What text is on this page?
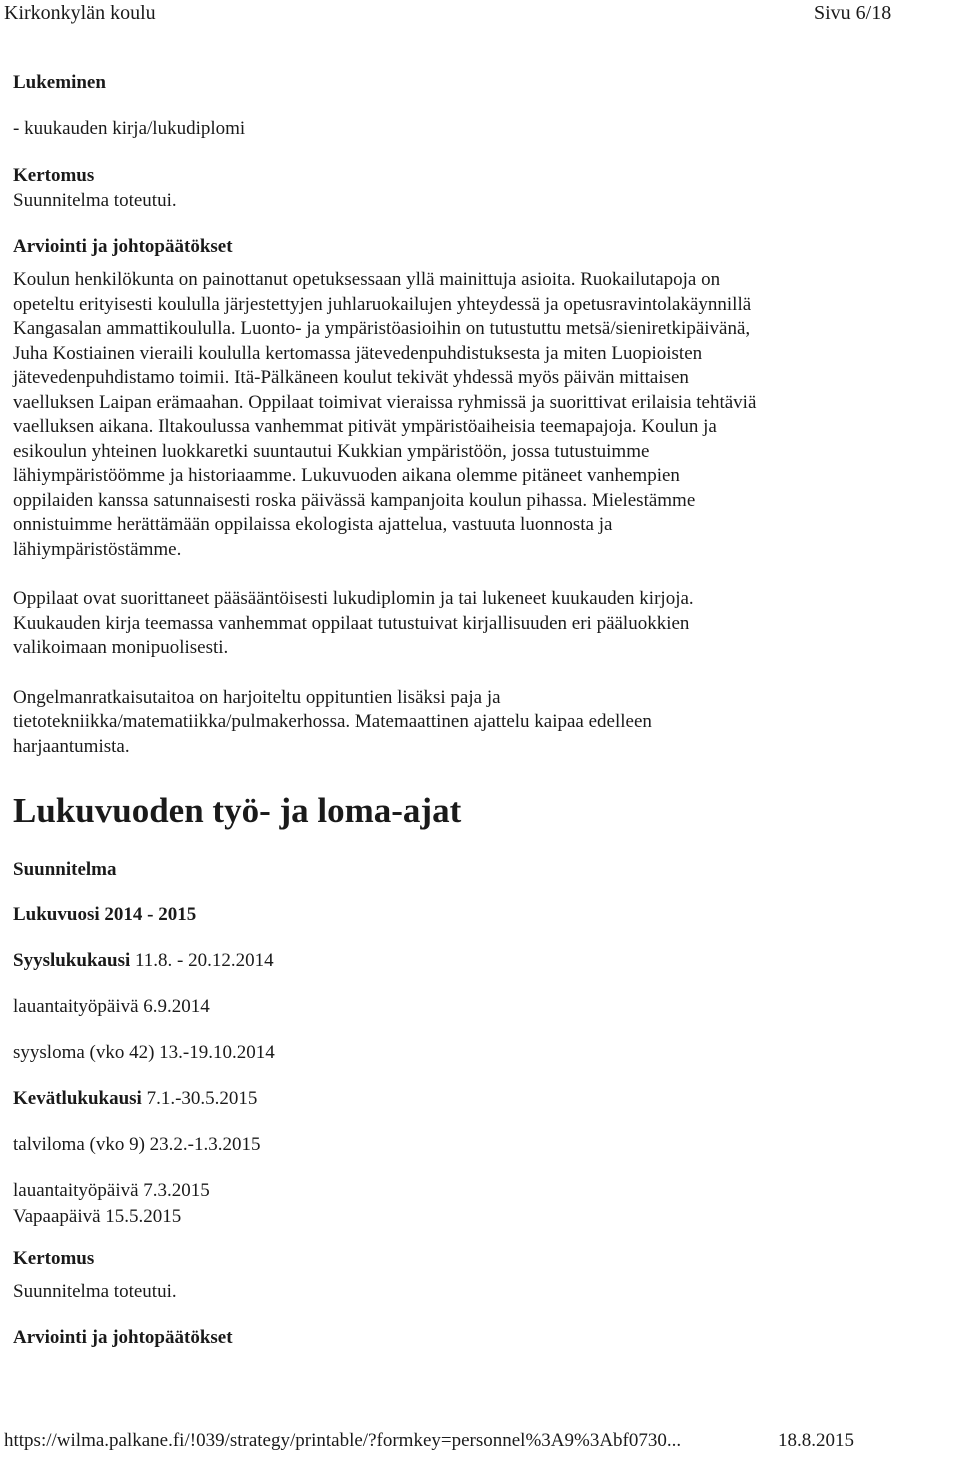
Kirkonkylän koulu	Sivu 6/18

Lukeminen

- kuukauden kirja/lukudiplomi

Kertomus

Suunnitelma toteutui.

Arviointi ja johtopäätökset

Koulun henkilökunta on painottanut opetuksessaan yllä mainittuja asioita. Ruokailutapoja on

opeteltu erityisesti koululla järjestettyjen juhlaruokailujen yhteydessä ja opetusravintolakäynnillä

Kangasalan ammattikoululla. Luonto- ja ympäristöasioihin on tutustuttu metsä/sieniretkipäivänä,

Juha Kostiainen vieraili koululla kertomassa jätevedenpuhdistuksesta ja miten Luopioisten

jätevedenpuhdistamo toimii. Itä-Pälkäneen koulut tekivät yhdessä myös päivän mittaisen

vaelluksen Laipan erämaahan. Oppilaat toimivat vieraissa ryhmissä ja suorittivat erilaisia tehtäviä

vaelluksen aikana. Iltakoulussa vanhemmat pitivät ympäristöaiheisia teemapajoja. Koulun ja

esikoulun yhteinen luokkaretki suuntautui Kukkian ympäristöön, jossa tutustuimme

lähiympäristöömme ja historiaamme. Lukuvuoden aikana olemme pitäneet vanhempien

oppilaiden kanssa satunnaisesti roska päivässä kampanjoita koulun pihassa. Mielestämme

onnistuimme herättämään oppilaissa ekologista ajattelua, vastuuta luonnosta ja

lähiympäristöstämme.

Oppilaat ovat suorittaneet pääsääntöisesti lukudiplomin ja tai lukeneet kuukauden kirjoja.

Kuukauden kirja teemassa vanhemmat oppilaat tutustuivat kirjallisuuden eri pääluokkien

valikoimaan monipuolisesti.

Ongelmanratkaisutaitoa on harjoiteltu oppituntien lisäksi paja ja

tietotekniikka/matematiikka/pulmakerhossa. Matemaattinen ajattelu kaipaa edelleen

harjaantumista.

Lukuvuoden työ- ja loma-ajat

Suunnitelma

Lukuvuosi 2014 - 2015

Syyslukukausi 11.8. - 20.12.2014

lauantaityöpäivä 6.9.2014

syysloma (vko 42) 13.-19.10.2014

Kevätlukukausi 7.1.-30.5.2015

talviloma (vko 9) 23.2.-1.3.2015

lauantaityöpäivä 7.3.2015

Vapaapäivä 15.5.2015

Kertomus

Suunnitelma toteutui.

Arviointi ja johtopäätökset

https://wilma.palkane.fi/!039/strategy/printable/?formkey=personnel%3A9%3Abf0730...	18.8.2015
